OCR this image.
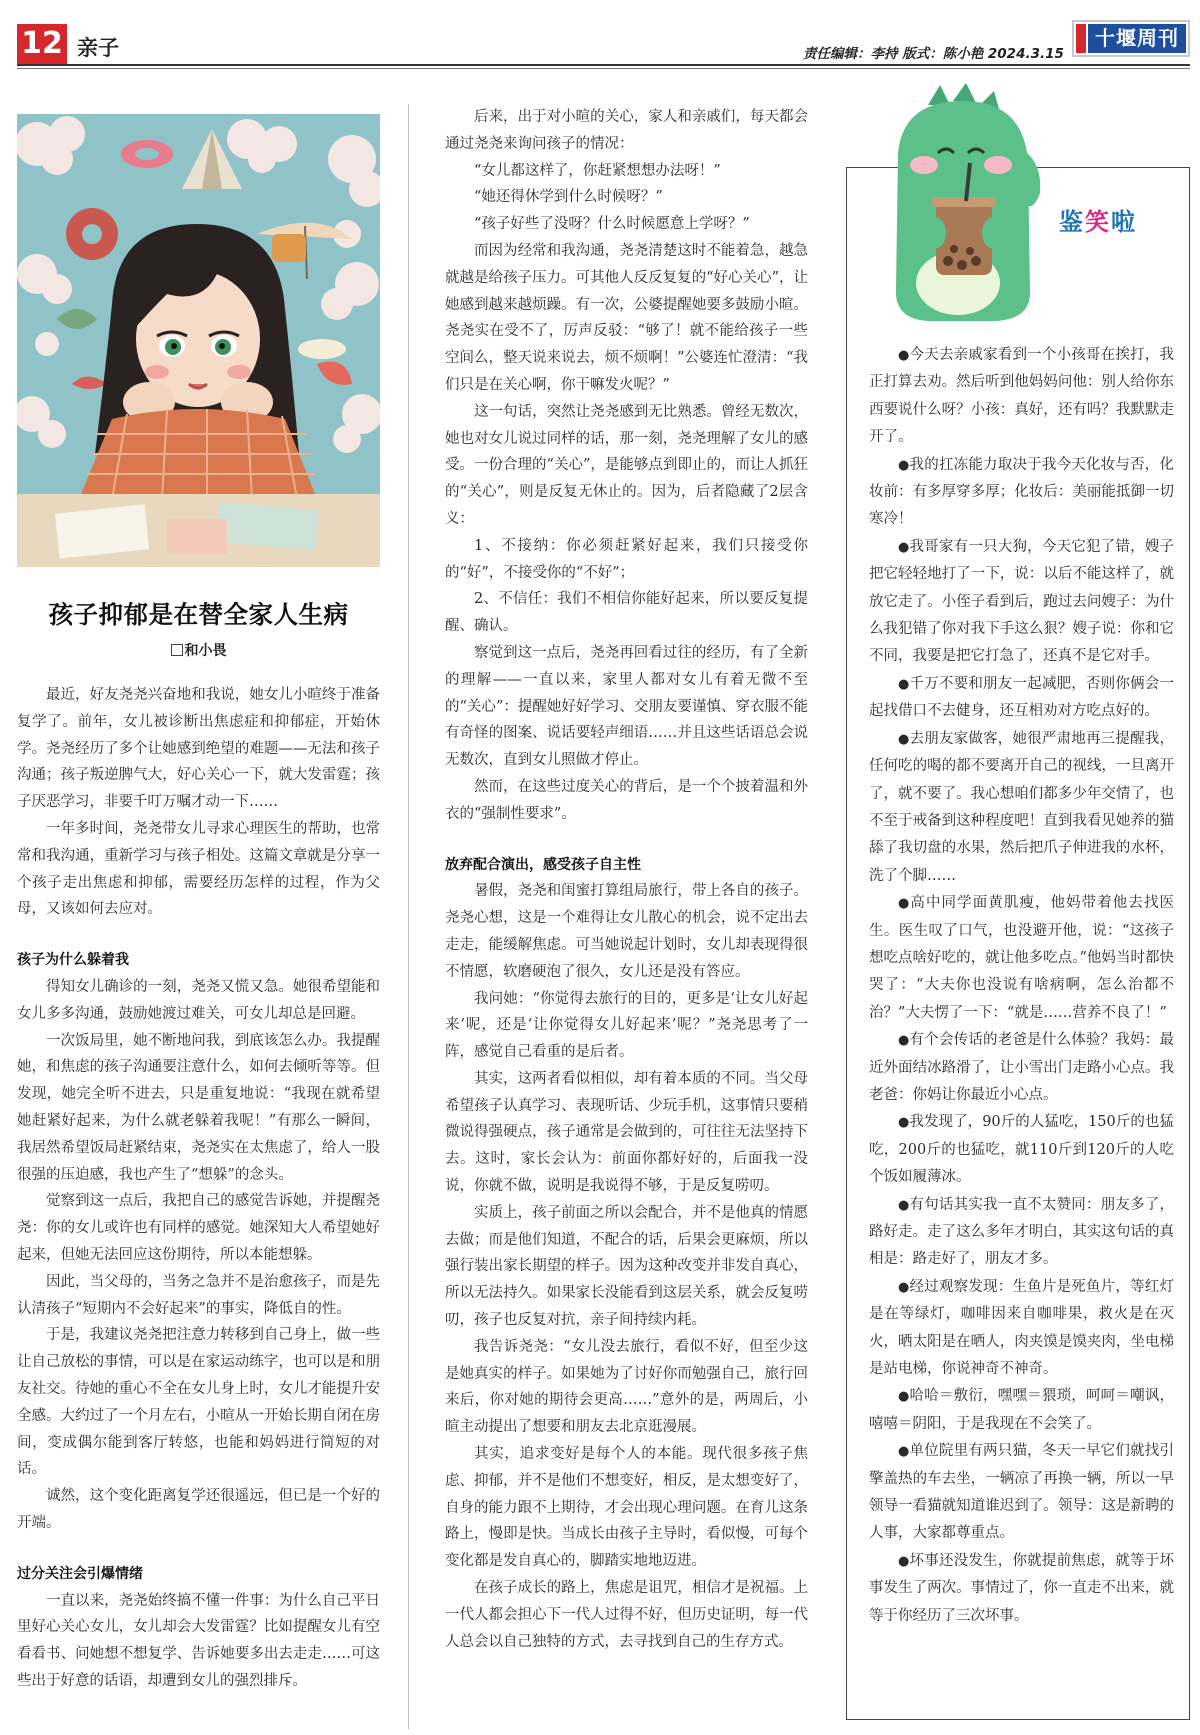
12 亲子	责任编辑：李持 版式：陈小艳 2024.3.15
十堰周刊
孩子抑郁是在替全家人生病
和小畏

最近，好友尧尧兴奋地和我说，她女儿小暄终于准备复学了。前年，女儿被诊断出焦虑症和抑郁症，开始休学。尧尧经历了多个让她感到绝望的难题——无法和孩子沟通；孩子叛逆脾气大，好心关心一下，就大发雷霆；孩子厌恶学习，非要千叮万嘱才动一下……

一年多时间，尧尧带女儿寻求心理医生的帮助，也常常和我沟通，重新学习与孩子相处。这篇文章就是分享一个孩子走出焦虑和抑郁，需要经历怎样的过程，作为父母，又该如何去应对。

孩子为什么躲着我

得知女儿确诊的一刻，尧尧又慌又急。她很希望能和女儿多多沟通，鼓励她渡过难关，可女儿却总是回避。

一次饭局里，她不断地问我，到底该怎么办。我提醒她，和焦虑的孩子沟通要注意什么，如何去倾听等等。但发现，她完全听不进去，只是重复地说：“我现在就希望她赶紧好起来，为什么就老躲着我呢！”有那么一瞬间，我居然希望饭局赶紧结束，尧尧实在太焦虑了，给人一股很强的压迫感，我也产生了“想躲”的念头。

觉察到这一点后，我把自己的感觉告诉她，并提醒尧尧：你的女儿或许也有同样的感觉。她深知大人希望她好起来，但她无法回应这份期待，所以本能想躲。

因此，当父母的，当务之急并不是治愈孩子，而是先认清孩子“短期内不会好起来”的事实，降低自的性。

于是，我建议尧尧把注意力转移到自己身上，做一些让自己放松的事情，可以是在家运动练字，也可以是和朋友社交。待她的重心不全在女儿身上时，女儿才能提升安全感。大约过了一个月左右，小暄从一开始长期自闭在房间，变成偶尔能到客厅转悠，也能和妈妈进行简短的对话。

诚然，这个变化距离复学还很遥远，但已是一个好的开端。

过分关注会引爆情绪

一直以来，尧尧始终搞不懂一件事：为什么自己平日里好心关心女儿，女儿却会大发雷霆？比如提醒女儿有空看看书、问她想不想复学、告诉她要多出去走走……可这些出于好意的话语，却遭到女儿的强烈排斥。

后来，出于对小暄的关心，家人和亲戚们，每天都会通过尧尧来询问孩子的情况：

“女儿都这样了，你赶紧想想办法呀！”

“她还得休学到什么时候呀？”

“孩子好些了没呀？什么时候愿意上学呀？”

而因为经常和我沟通，尧尧清楚这时不能着急，越急就越是给孩子压力。可其他人反反复复的“好心关心”，让她感到越来越烦躁。有一次，公婆提醒她要多鼓励小暄。尧尧实在受不了，厉声反驳：“够了！就不能给孩子一些空间么，整天说来说去，烦不烦啊！”公婆连忙澄清：“我们只是在关心啊，你干嘛发火呢？”

这一句话，突然让尧尧感到无比熟悉。曾经无数次，她也对女儿说过同样的话，那一刻，尧尧理解了女儿的感受。一份合理的“关心”，是能够点到即止的，而让人抓狂的“关心”，则是反复无休止的。因为，后者隐藏了2层含义：

1、不接纳：你必须赶紧好起来，我们只接受你的“好”，不接受你的“不好”；

2、不信任：我们不相信你能好起来，所以要反复提醒、确认。

察觉到这一点后，尧尧再回看过往的经历，有了全新的理解——一直以来，家里人都对女儿有着无微不至的“关心”：提醒她好好学习、交朋友要谨慎、穿衣服不能有奇怪的图案、说话要轻声细语……并且这些话语总会说无数次，直到女儿照做才停止。

然而，在这些过度关心的背后，是一个个披着温和外衣的“强制性要求”。

放弃配合演出，感受孩子自主性

暑假，尧尧和闺蜜打算组局旅行，带上各自的孩子。尧尧心想，这是一个难得让女儿散心的机会，说不定出去走走，能缓解焦虑。可当她说起计划时，女儿却表现得很不情愿，软磨硬泡了很久，女儿还是没有答应。

我问她：“你觉得去旅行的目的，更多是‘让女儿好起来’呢，还是‘让你觉得女儿好起来’呢？”尧尧思考了一阵，感觉自己看重的是后者。

其实，这两者看似相似，却有着本质的不同。当父母希望孩子认真学习、表现听话、少玩手机，这事情只要稍微说得强硬点，孩子通常是会做到的，可往往无法坚持下去。这时，家长会认为：前面你都好好的，后面我一没说，你就不做，说明是我说得不够，于是反复唠叨。

实质上，孩子前面之所以会配合，并不是他真的情愿去做；而是他们知道，不配合的话，后果会更麻烦，所以强行装出家长期望的样子。因为这种改变并非发自真心，所以无法持久。如果家长没能看到这层关系，就会反复唠叨，孩子也反复对抗，亲子间持续内耗。

我告诉尧尧：“女儿没去旅行，看似不好，但至少这是她真实的样子。如果她为了讨好你而勉强自己，旅行回来后，你对她的期待会更高……”意外的是，两周后，小暄主动提出了想要和朋友去北京逛漫展。

其实，追求变好是每个人的本能。现代很多孩子焦虑、抑郁，并不是他们不想变好，相反，是太想变好了，自身的能力跟不上期待，才会出现心理问题。在育儿这条路上，慢即是快。当成长由孩子主导时，看似慢，可每个变化都是发自真心的，脚踏实地地迈进。

在孩子成长的路上，焦虑是诅咒，相信才是祝福。上一代人都会担心下一代人过得不好，但历史证明，每一代人总会以自己独特的方式，去寻找到自己的生存方式。

鉴笑啦

●今天去亲戚家看到一个小孩哥在挨打，我正打算去劝。然后听到他妈妈问他：别人给你东西要说什么呀？小孩：真好，还有吗？我默默走开了。

●我的扛冻能力取决于我今天化妆与否，化妆前：有多厚穿多厚；化妆后：美丽能抵御一切寒冷！

●我哥家有一只大狗，今天它犯了错，嫂子把它轻轻地打了一下，说：以后不能这样了，就放它走了。小侄子看到后，跑过去问嫂子：为什么我犯错了你对我下手这么狠？嫂子说：你和它不同，我要是把它打急了，还真不是它对手。

●千万不要和朋友一起减肥，否则你俩会一起找借口不去健身，还互相劝对方吃点好的。

●去朋友家做客，她很严肃地再三提醒我，任何吃的喝的都不要离开自己的视线，一旦离开了，就不要了。我心想咱们都多少年交情了，也不至于戒备到这种程度吧！直到我看见她养的猫舔了我切盘的水果，然后把爪子伸进我的水杯，洗了个脚……

●高中同学面黄肌瘦，他妈带着他去找医生。医生叹了口气，也没避开他，说：“这孩子想吃点啥好吃的，就让他多吃点。”他妈当时都快哭了：“大夫你也没说有啥病啊，怎么治都不治？”大夫愣了一下：“就是……营养不良了！”

●有个会传话的老爸是什么体验？我妈：最近外面结冰路滑了，让小雪出门走路小心点。我老爸：你妈让你最近小心点。

●我发现了，90斤的人猛吃，150斤的也猛吃，200斤的也猛吃，就110斤到120斤的人吃个饭如履薄冰。

●有句话其实我一直不太赞同：朋友多了，路好走。走了这么多年才明白，其实这句话的真相是：路走好了，朋友才多。

●经过观察发现：生鱼片是死鱼片，等红灯是在等绿灯，咖啡因来自咖啡果，救火是在灭火，晒太阳是在晒人，肉夹馍是馍夹肉，坐电梯是站电梯，你说神奇不神奇。

●哈哈＝敷衍，嘿嘿＝猥琐，呵呵＝嘲讽，嘻嘻＝阴阳，于是我现在不会笑了。

●单位院里有两只猫，冬天一早它们就找引擎盖热的车去坐，一辆凉了再换一辆，所以一早领导一看猫就知道谁迟到了。领导：这是新聘的人事，大家都尊重点。

●坏事还没发生，你就提前焦虑，就等于坏事发生了两次。事情过了，你一直走不出来，就等于你经历了三次坏事。
